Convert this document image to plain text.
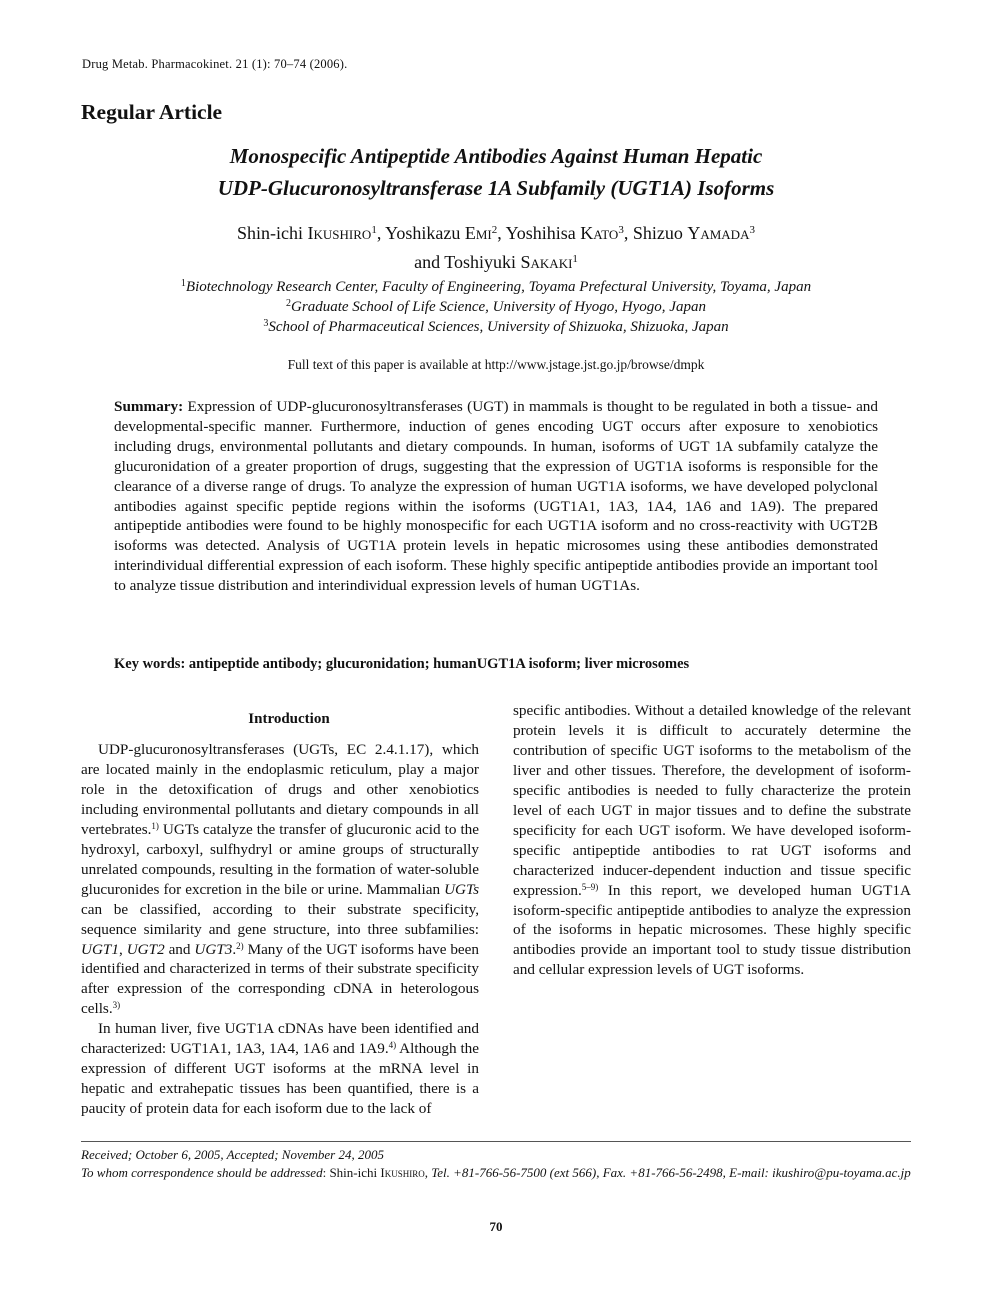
Drug Metab. Pharmacokinet. 21 (1): 70–74 (2006).
Regular Article
Monospecific Antipeptide Antibodies Against Human Hepatic
UDP-Glucuronosyltransferase 1A Subfamily (UGT1A) Isoforms
Shin-ichi Ikushiro$^1$, Yoshikazu Emi$^2$, Yoshihisa Kato$^3$, Shizuo Yamada$^3$
and Toshiyuki Sakaki$^1$
$^1$Biotechnology Research Center, Faculty of Engineering, Toyama Prefectural University, Toyama, Japan
$^2$Graduate School of Life Science, University of Hyogo, Hyogo, Japan
$^3$School of Pharmaceutical Sciences, University of Shizuoka, Shizuoka, Japan
Full text of this paper is available at http://www.jstage.jst.go.jp/browse/dmpk
Summary: Expression of UDP-glucuronosyltransferases (UGT) in mammals is thought to be regulated in both a tissue- and developmental-specific manner. Furthermore, induction of genes encoding UGT occurs after exposure to xenobiotics including drugs, environmental pollutants and dietary compounds. In human, isoforms of UGT 1A subfamily catalyze the glucuronidation of a greater proportion of drugs, suggesting that the expression of UGT1A isoforms is responsible for the clearance of a diverse range of drugs. To analyze the expression of human UGT1A isoforms, we have developed polyclonal antibodies against specific peptide regions within the isoforms (UGT1A1, 1A3, 1A4, 1A6 and 1A9). The prepared antipeptide antibodies were found to be highly monospecific for each UGT1A isoform and no cross-reactivity with UGT2B isoforms was detected. Analysis of UGT1A protein levels in hepatic microsomes using these antibodies demonstrated interindividual differential expression of each isoform. These highly specific antipeptide antibodies provide an important tool to analyze tissue distribution and interindividual expression levels of human UGT1As.
Key words: antipeptide antibody; glucuronidation; humanUGT1A isoform; liver microsomes
Introduction

UDP-glucuronosyltransferases (UGTs, EC 2.4.1.17), which are located mainly in the endoplasmic reticulum, play a major role in the detoxification of drugs and other xenobiotics including environmental pollutants and dietary compounds in all vertebrates.$^{1)}$ UGTs catalyze the transfer of glucuronic acid to the hydroxyl, carboxyl, sulfhydryl or amine groups of structurally unrelated compounds, resulting in the formation of water-soluble glucuronides for excretion in the bile or urine. Mammalian UGTs can be classified, according to their substrate specificity, sequence similarity and gene structure, into three subfamilies: UGT1, UGT2 and UGT3.$^{2)}$ Many of the UGT isoforms have been identified and characterized in terms of their substrate specificity after expression of the corresponding cDNA in heterologous cells.$^{3)}$

In human liver, five UGT1A cDNAs have been identified and characterized: UGT1A1, 1A3, 1A4, 1A6 and 1A9.$^{4)}$ Although the expression of different UGT isoforms at the mRNA level in hepatic and extrahepatic tissues has been quantified, there is a paucity of protein data for each isoform due to the lack of

Received; October 6, 2005, Accepted; November 24, 2005
To whom correspondence should be addressed: Shin-ichi Ikushiro, Tel. +81-766-56-7500 (ext 566), Fax. +81-766-56-2498, E-mail: ikushiro@pu-toyama.ac.jp
70

specific antibodies. Without a detailed knowledge of the relevant protein levels it is difficult to accurately determine the contribution of specific UGT isoforms to the metabolism of the liver and other tissues. Therefore, the development of isoform-specific antibodies is needed to fully characterize the protein level of each UGT in major tissues and to define the substrate specificity for each UGT isoform. We have developed isoform-specific antipeptide antibodies to rat UGT isoforms and characterized inducer-dependent induction and tissue specific expression.$^{5-9)}$ In this report, we developed human UGT1A isoform-specific antipeptide antibodies to analyze the expression of the isoforms in hepatic microsomes. These highly specific antibodies provide an important tool to study tissue distribution and cellular expression levels of UGT isoforms.
